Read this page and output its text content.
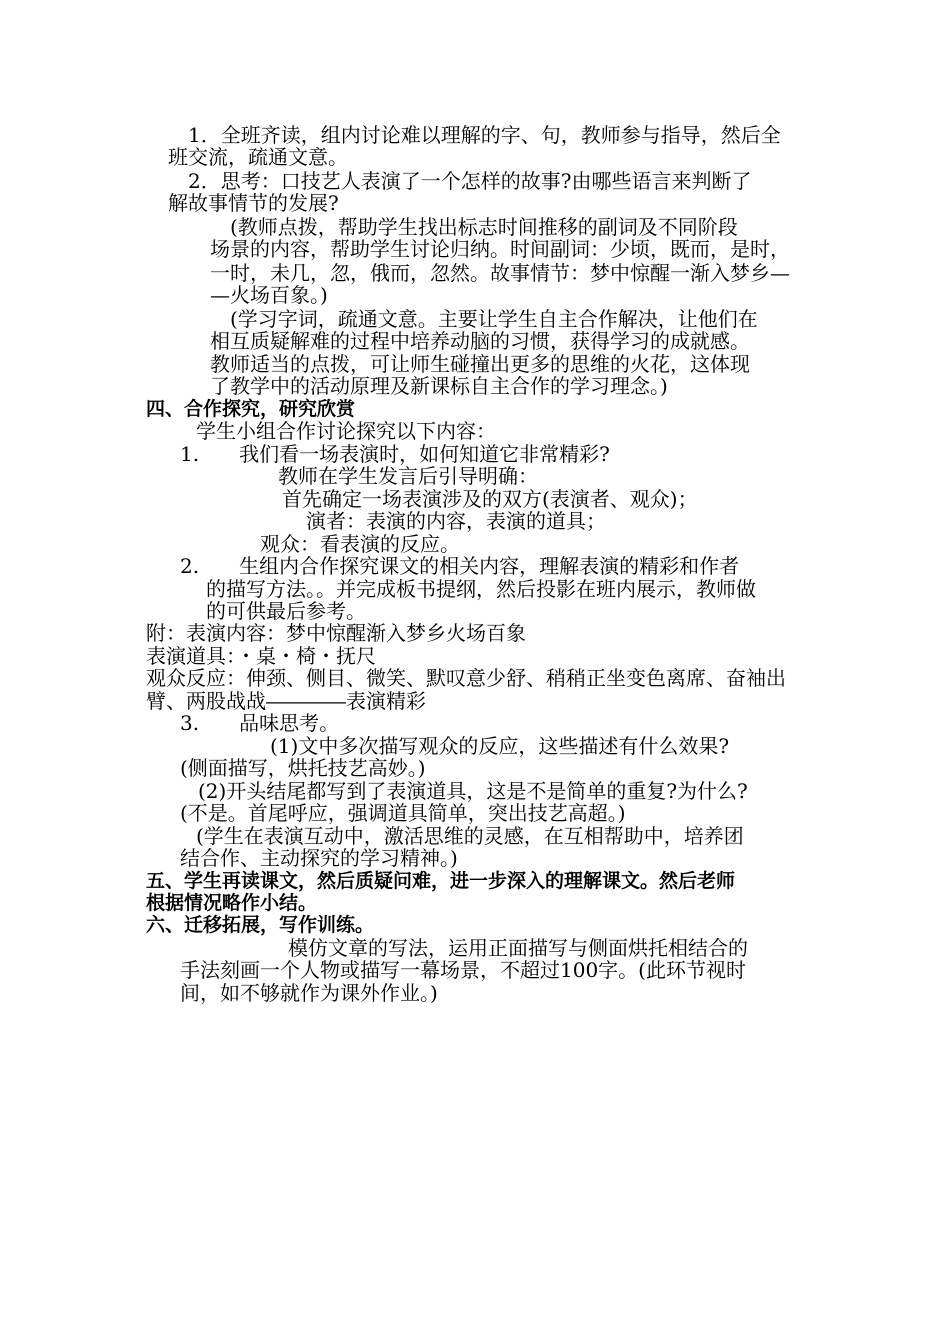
1．全班齐读，组内讨论难以理解的字、句，教师参与指导，然后全
班交流，疏通文意。
2．思考：口技艺人表演了一个怎样的故事?由哪些语言来判断了
解故事情节的发展?
(教师点拨，帮助学生找出标志时间推移的副词及不同阶段
场景的内容，帮助学生讨论归纳。时间副词：少顷，既而，是时，
一时，未几，忽，俄而，忽然。故事情节：梦中惊醒一渐入梦乡—
—火场百象。)
(学习字词，疏通文意。主要让学生自主合作解决，让他们在
相互质疑解难的过程中培养动脑的习惯，获得学习的成就感。
教师适当的点拨，可让师生碰撞出更多的思维的火花，这体现
了教学中的活动原理及新课标自主合作的学习理念。)
四、合作探究，研究欣赏
学生小组合作讨论探究以下内容：
1.　　我们看一场表演时，如何知道它非常精彩?
教师在学生发言后引导明确：
首先确定一场表演涉及的双方(表演者、观众)；
演者：表演的内容，表演的道具；
观众：看表演的反应。
2.　　生组内合作探究课文的相关内容，理解表演的精彩和作者
的描写方法。。并完成板书提纲，然后投影在班内展示，教师做
的可供最后参考。
附：表演内容：梦中惊醒渐入梦乡火场百象
表演道具：・桌・椅・抚尺
观众反应：伸颈、侧目、微笑、默叹意少舒、稍稍正坐变色离席、奋袖出
臂、两股战战――――表演精彩
3.　　品味思考。
(1)文中多次描写观众的反应，这些描述有什么效果?
(侧面描写，烘托技艺高妙。)
(2)开头结尾都写到了表演道具，这是不是简单的重复?为什么?
(不是。首尾呼应，强调道具简单，突出技艺高超。)
(学生在表演互动中，激活思维的灵感，在互相帮助中，培养团
结合作、主动探究的学习精神。)
五、学生再读课文，然后质疑问难，进一步深入的理解课文。然后老师
根据情况略作小结。
六、迁移拓展，写作训练。
模仿文章的写法，运用正面描写与侧面烘托相结合的
手法刻画一个人物或描写一幕场景，不超过100字。(此环节视时
间，如不够就作为课外作业。)
